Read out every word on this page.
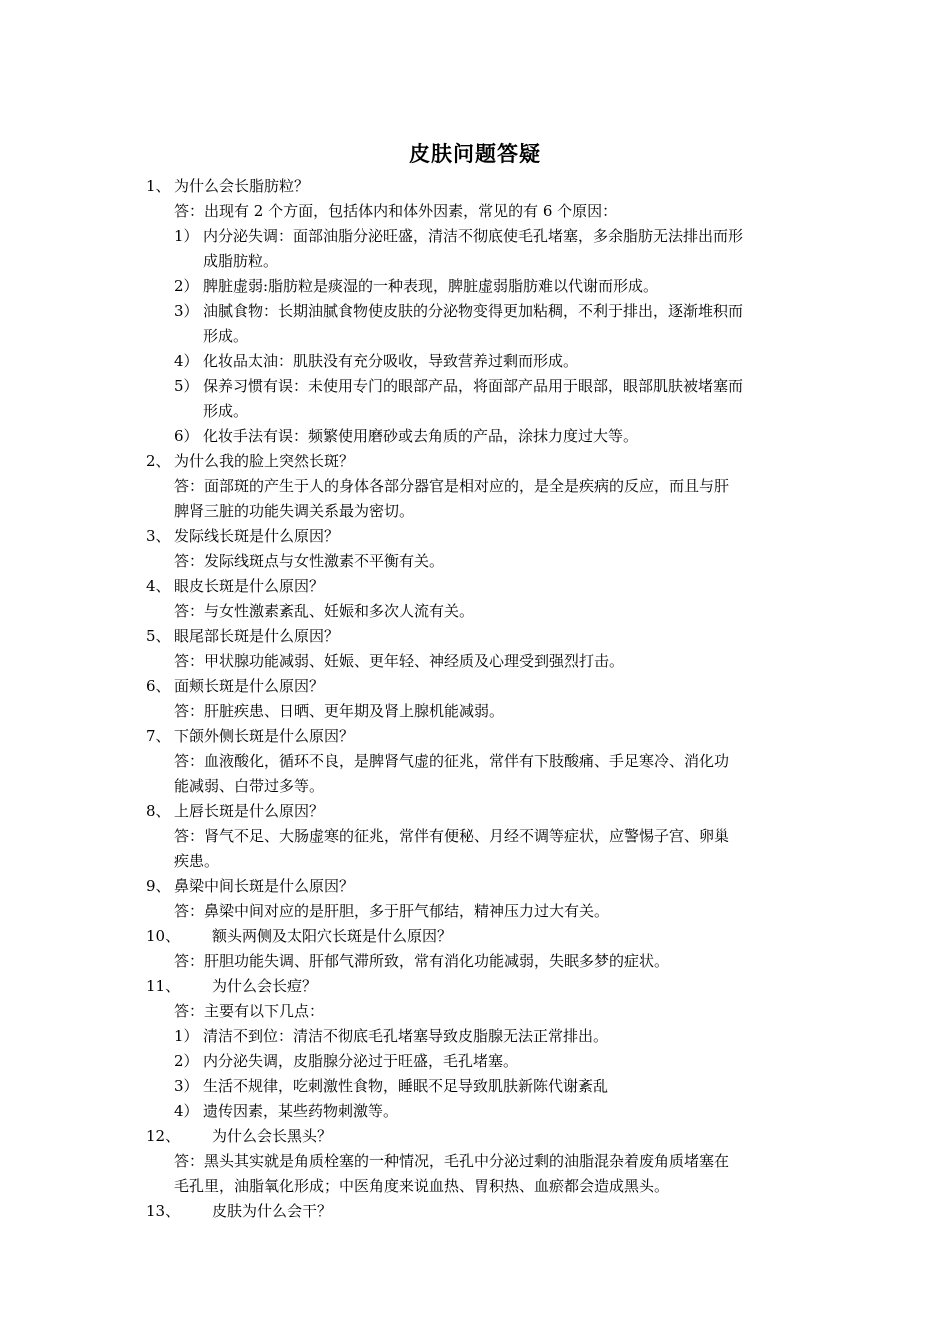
皮肤问题答疑
1、 为什么会长脂肪粒？
答：出现有 2 个方面，包括体内和体外因素，常见的有 6 个原因：
1） 内分泌失调：面部油脂分泌旺盛，清洁不彻底使毛孔堵塞，多余脂肪无法排出而形
成脂肪粒。
2） 脾脏虚弱:脂肪粒是痰湿的一种表现，脾脏虚弱脂肪难以代谢而形成。
3） 油腻食物：长期油腻食物使皮肤的分泌物变得更加粘稠，不利于排出，逐渐堆积而
形成。
4） 化妆品太油：肌肤没有充分吸收，导致营养过剩而形成。
5） 保养习惯有误：未使用专门的眼部产品，将面部产品用于眼部，眼部肌肤被堵塞而
形成。
6） 化妆手法有误：频繁使用磨砂或去角质的产品，涂抹力度过大等。
2、 为什么我的脸上突然长斑？
答：面部斑的产生于人的身体各部分器官是相对应的，是全是疾病的反应，而且与肝
脾肾三脏的功能失调关系最为密切。
3、 发际线长斑是什么原因？
答：发际线斑点与女性激素不平衡有关。
4、 眼皮长斑是什么原因？
答：与女性激素紊乱、妊娠和多次人流有关。
5、 眼尾部长斑是什么原因？
答：甲状腺功能减弱、妊娠、更年轻、神经质及心理受到强烈打击。
6、 面颊长斑是什么原因？
答：肝脏疾患、日晒、更年期及肾上腺机能减弱。
7、 下颌外侧长斑是什么原因？
答：血液酸化，循环不良，是脾肾气虚的征兆，常伴有下肢酸痛、手足寒冷、消化功
能减弱、白带过多等。
8、 上唇长斑是什么原因？
答：肾气不足、大肠虚寒的征兆，常伴有便秘、月经不调等症状，应警惕子宫、卵巢
疾患。
9、 鼻梁中间长斑是什么原因？
答：鼻梁中间对应的是肝胆，多于肝气郁结，精神压力过大有关。
10、 额头两侧及太阳穴长斑是什么原因？
答：肝胆功能失调、肝郁气滞所致，常有消化功能减弱，失眠多梦的症状。
11、 为什么会长痘？
答：主要有以下几点：
1） 清洁不到位：清洁不彻底毛孔堵塞导致皮脂腺无法正常排出。
2） 内分泌失调，皮脂腺分泌过于旺盛，毛孔堵塞。
3） 生活不规律，吃刺激性食物，睡眠不足导致肌肤新陈代谢紊乱
4） 遗传因素，某些药物刺激等。
12、 为什么会长黑头？
答：黑头其实就是角质栓塞的一种情况，毛孔中分泌过剩的油脂混杂着废角质堵塞在
毛孔里，油脂氧化形成；中医角度来说血热、胃积热、血瘀都会造成黑头。
13、 皮肤为什么会干？
